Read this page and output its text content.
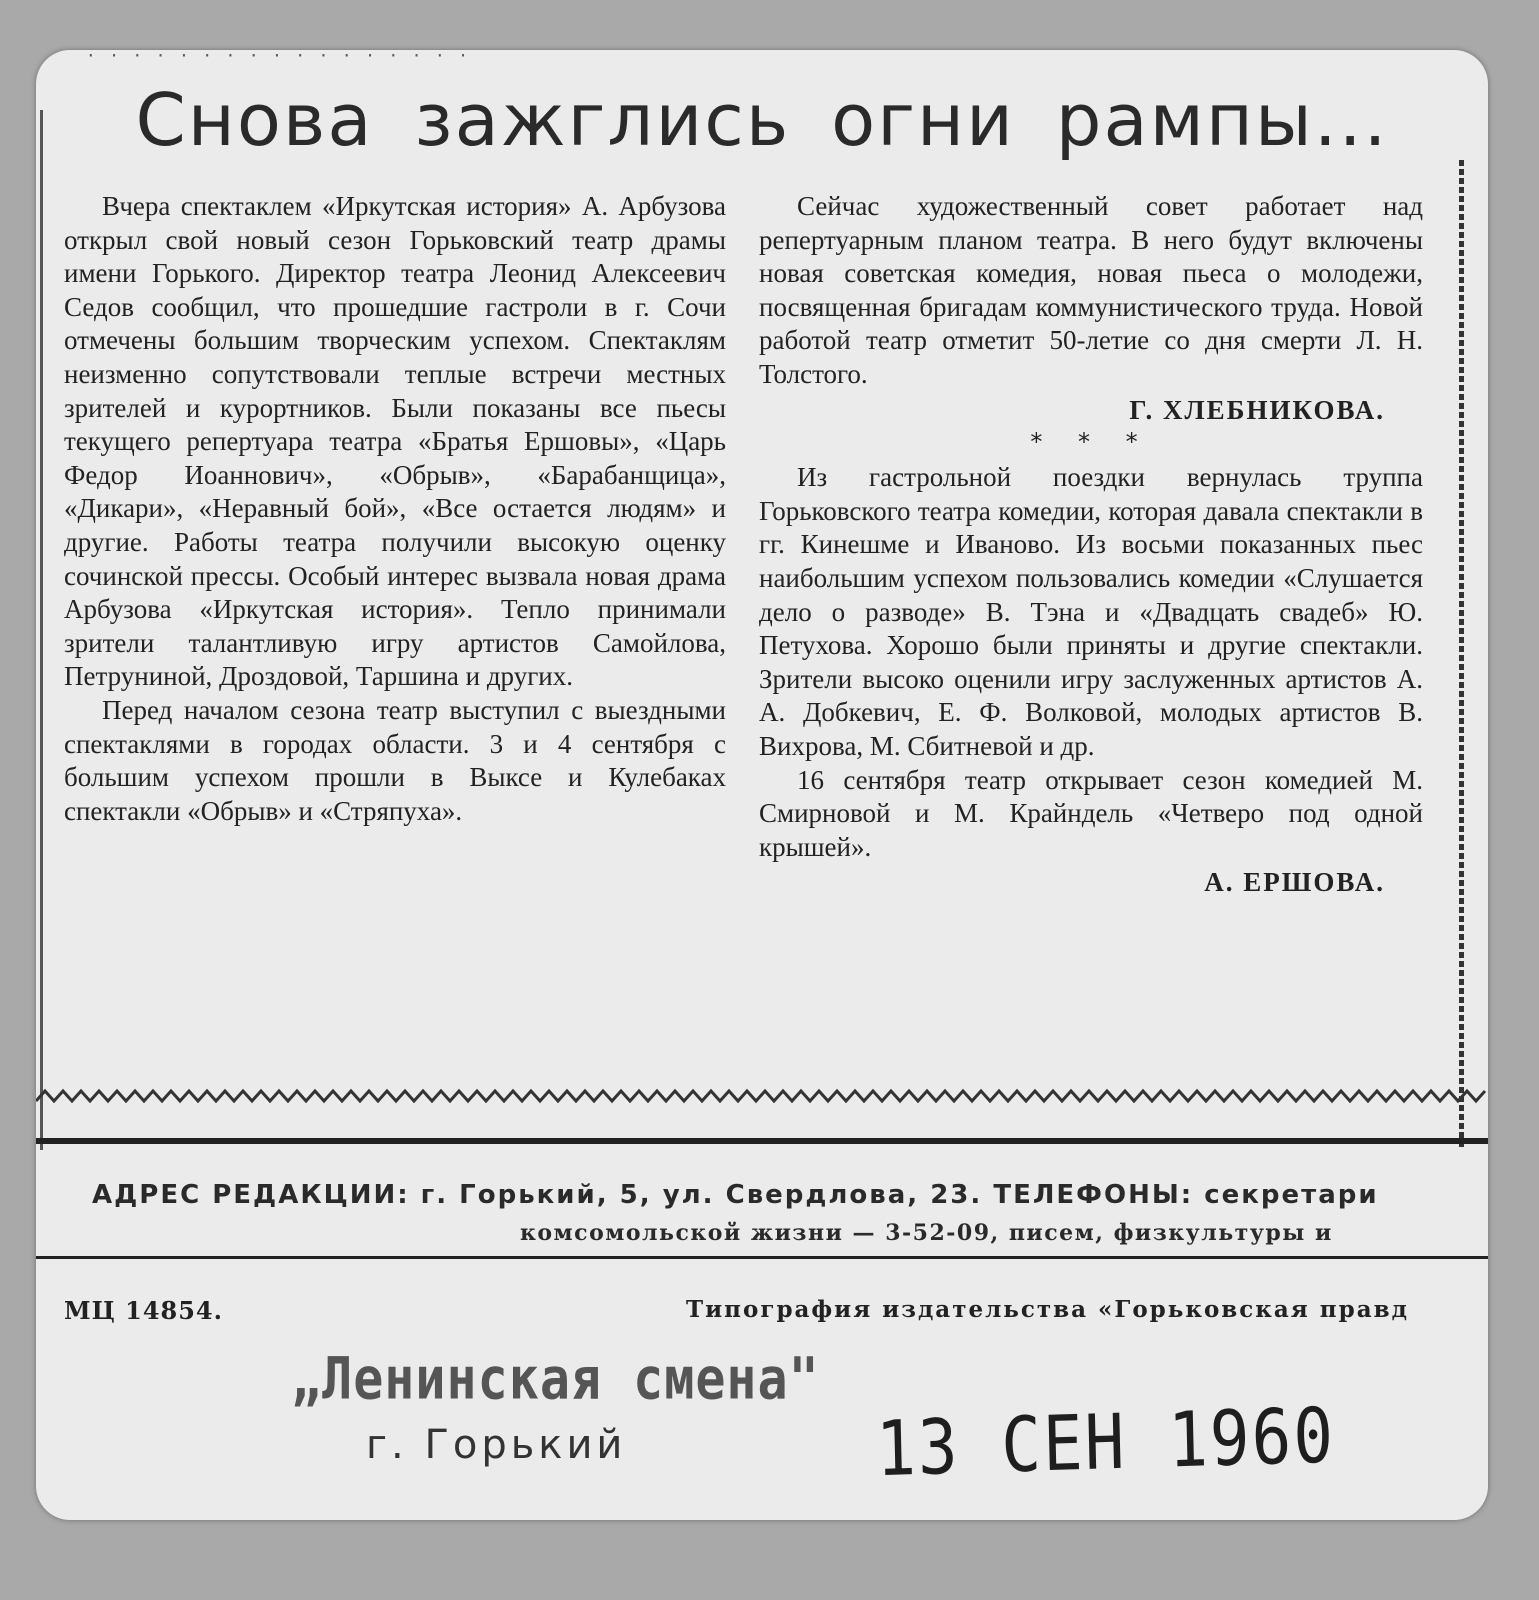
· · · · · · · · · · · · · · · · ·
Снова зажглись огни рампы...

Вчера спектаклем «Иркутская история» А. Арбузова открыл свой новый сезон Горьковский театр драмы имени Горького. Директор театра Леонид Алексеевич Седов сообщил, что прошедшие гастроли в г. Сочи отмечены большим творческим успехом. Спектаклям неизменно сопутствовали теплые встречи местных зрителей и курортников. Были показаны все пьесы текущего репертуара театра «Братья Ершовы», «Царь Федор Иоаннович», «Обрыв», «Барабанщица», «Дикари», «Неравный бой», «Все остается людям» и другие. Работы театра получили высокую оценку сочинской прессы. Особый интерес вызвала новая драма Арбузова «Иркутская история». Тепло принимали зрители талантливую игру артистов Самойлова, Петруниной, Дроздовой, Таршина и других.

Перед началом сезона театр выступил с выездными спектаклями в городах области. 3 и 4 сентября с большим успехом прошли в Выксе и Кулебаках спектакли «Обрыв» и «Стряпуха».

Сейчас художественный совет работает над репертуарным планом театра. В него будут включены новая советская комедия, новая пьеса о молодежи, посвященная бригадам коммунистического труда. Новой работой театр отметит 50-летие со дня смерти Л. Н. Толстого.

Г. ХЛЕБНИКОВА.
* * *

Из гастрольной поездки вернулась труппа Горьковского театра комедии, которая давала спектакли в гг. Кинешме и Иваново. Из восьми показанных пьес наибольшим успехом пользовались комедии «Слушается дело о разводе» В. Тэна и «Двадцать свадеб» Ю. Петухова. Хорошо были приняты и другие спектакли. Зрители высоко оценили игру заслуженных артистов А. А. Добкевич, Е. Ф. Волковой, молодых артистов В. Вихрова, М. Сбитневой и др.

16 сентября театр открывает сезон комедией М. Смирновой и М. Крайндель «Четверо под одной крышей».

А. ЕРШОВА.
АДРЕС РЕДАКЦИИ: г. Горький, 5, ул. Свердлова, 23. ТЕЛЕФОНЫ: секретари
комсомольской жизни — 3-52-09, писем, физкультуры и
МЦ 14854.	Типография издательства «Горьковская правд
„Ленинская смена"
г. Горький	13 СЕН 1960
